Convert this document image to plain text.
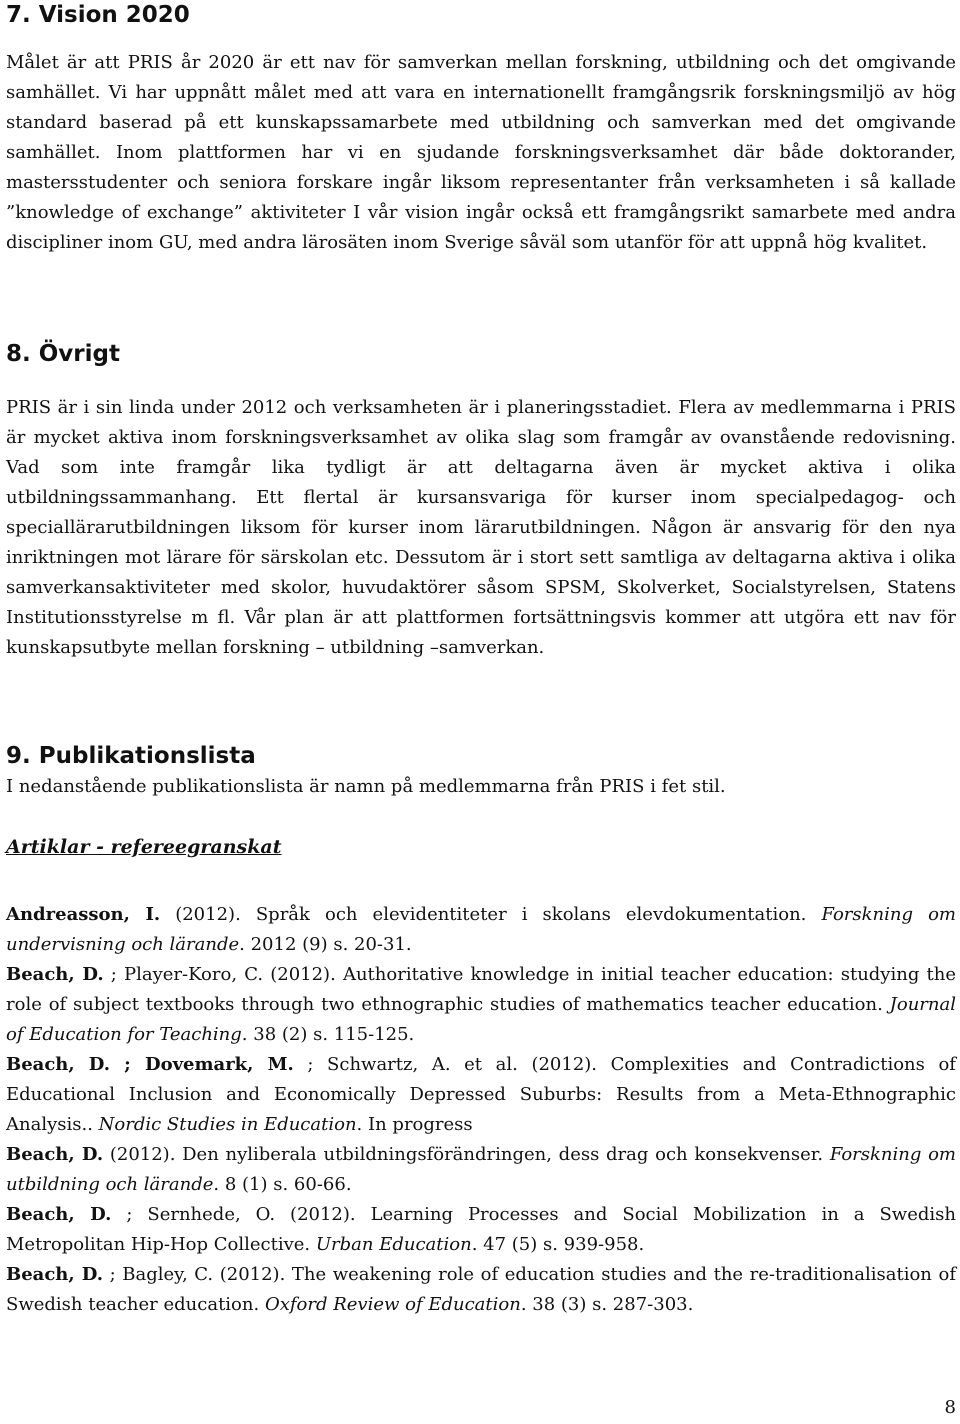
7. Vision 2020

Målet är att PRIS år 2020 är ett nav för samverkan mellan forskning, utbildning och det omgivande samhället. Vi har uppnått målet med att vara en internationellt framgångsrik forskningsmiljö av hög standard baserad på ett kunskapssamarbete med utbildning och samverkan med det omgivande samhället. Inom plattformen har vi en sjudande forskningsverksamhet där både doktorander, mastersstudenter och seniora forskare ingår liksom representanter från verksamheten i så kallade ”knowledge of exchange” aktiviteter I vår vision ingår också ett framgångsrikt samarbete med andra discipliner inom GU, med andra lärosäten inom Sverige såväl som utanför för att uppnå hög kvalitet.

8. Övrigt

PRIS är i sin linda under 2012 och verksamheten är i planeringsstadiet. Flera av medlemmarna i PRIS är mycket aktiva inom forskningsverksamhet av olika slag som framgår av ovanstående redovisning. Vad som inte framgår lika tydligt är att deltagarna även är mycket aktiva i olika utbildningssammanhang. Ett flertal är kursansvariga för kurser inom specialpedagog- och speciallärarutbildningen liksom för kurser inom lärarutbildningen. Någon är ansvarig för den nya inriktningen mot lärare för särskolan etc. Dessutom är i stort sett samtliga av deltagarna aktiva i olika samverkansaktiviteter med skolor, huvudaktörer såsom SPSM, Skolverket, Socialstyrelsen, Statens Institutionsstyrelse m fl. Vår plan är att plattformen fortsättningsvis kommer att utgöra ett nav för kunskapsutbyte mellan forskning – utbildning –samverkan.

9. Publikationslista

I nedanstående publikationslista är namn på medlemmarna från PRIS i fet stil.

Artiklar - refereegranskat

Andreasson, I. (2012). Språk och elevidentiteter i skolans elevdokumentation. Forskning om undervisning och lärande. 2012 (9) s. 20-31.

Beach, D. ; Player-Koro, C. (2012). Authoritative knowledge in initial teacher education: studying the role of subject textbooks through two ethnographic studies of mathematics teacher education. Journal of Education for Teaching. 38 (2) s. 115-125.

Beach, D. ; Dovemark, M. ; Schwartz, A. et al. (2012). Complexities and Contradictions of Educational Inclusion and Economically Depressed Suburbs: Results from a Meta-Ethnographic Analysis.. Nordic Studies in Education. In progress

Beach, D. (2012). Den nyliberala utbildningsförändringen, dess drag och konsekvenser. Forskning om utbildning och lärande. 8 (1) s. 60-66.

Beach, D. ; Sernhede, O. (2012). Learning Processes and Social Mobilization in a Swedish Metropolitan Hip-Hop Collective. Urban Education. 47 (5) s. 939-958.

Beach, D. ; Bagley, C. (2012). The weakening role of education studies and the re-traditionalisation of Swedish teacher education. Oxford Review of Education. 38 (3) s. 287-303.

8
